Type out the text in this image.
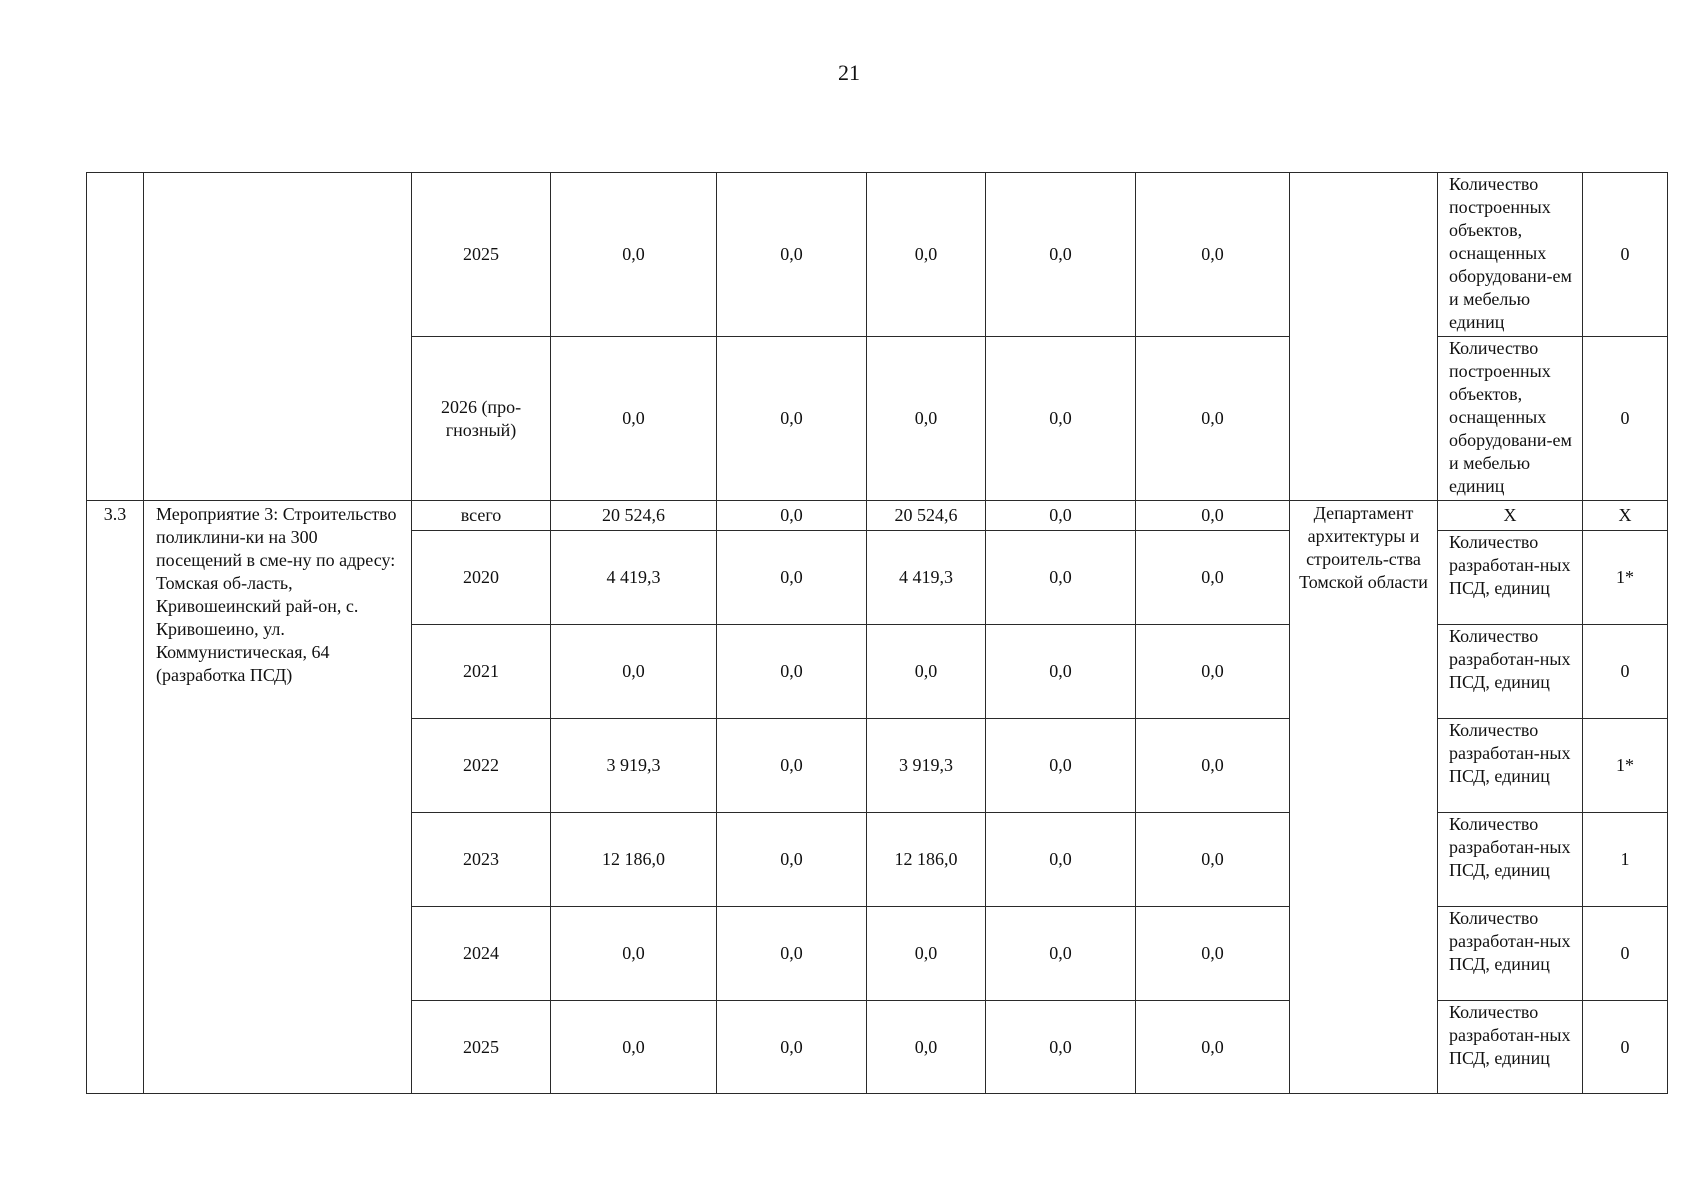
21
		2025	0,0	0,0	0,0	0,0	0,0		Количество построенных объектов, оснащенных оборудовани-ем и мебелью единиц	0
		2026 (про-гнозный)	0,0	0,0	0,0	0,0	0,0		Количество построенных объектов, оснащенных оборудовани-ем и мебелью единиц	0
3.3	Мероприятие 3: Строительство поликлини-ки на 300 посещений в сме-ну по адресу: Томская об-ласть, Кривошеинский рай-он, с. Кривошеино, ул. Коммунистическая, 64 (разработка ПСД)	всего	20 524,6	0,0	20 524,6	0,0	0,0	Департамент архитектуры и строитель-ства Томской области	Х	Х
		2020	4 419,3	0,0	4 419,3	0,0	0,0		Количество разработан-ных ПСД, единиц	1*
		2021	0,0	0,0	0,0	0,0	0,0		Количество разработан-ных ПСД, единиц	0
		2022	3 919,3	0,0	3 919,3	0,0	0,0		Количество разработан-ных ПСД, единиц	1*
		2023	12 186,0	0,0	12 186,0	0,0	0,0		Количество разработан-ных ПСД, единиц	1
		2024	0,0	0,0	0,0	0,0	0,0		Количество разработан-ных ПСД, единиц	0
		2025	0,0	0,0	0,0	0,0	0,0		Количество разработан-ных ПСД, единиц	0
